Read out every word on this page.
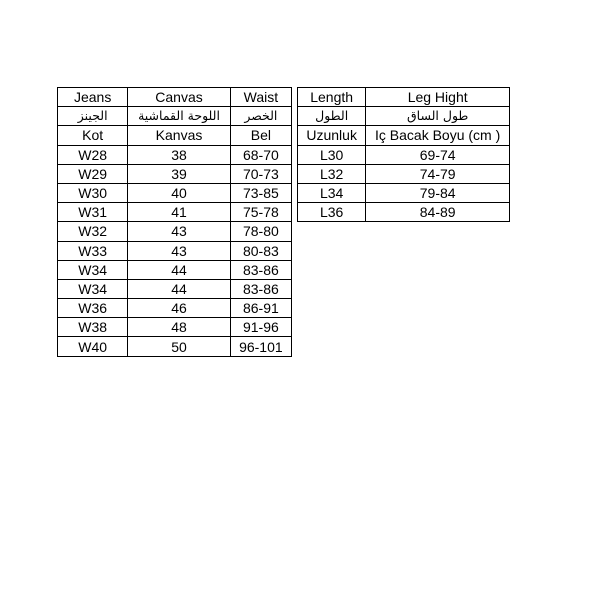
Jeans	Canvas	Waist
الجينز	اللوحة القماشية	الخصر
Kot	Kanvas	Bel
W28	38	68-70
W29	39	70-73
W30	40	73-85
W31	41	75-78
W32	43	78-80
W33	43	80-83
W34	44	83-86
W34	44	83-86
W36	46	86-91
W38	48	91-96
W40	50	96-101
Length	Leg Hight
الطول	طول الساق
Uzunluk	Iç Bacak Boyu (cm )
L30	69-74
L32	74-79
L34	79-84
L36	84-89
